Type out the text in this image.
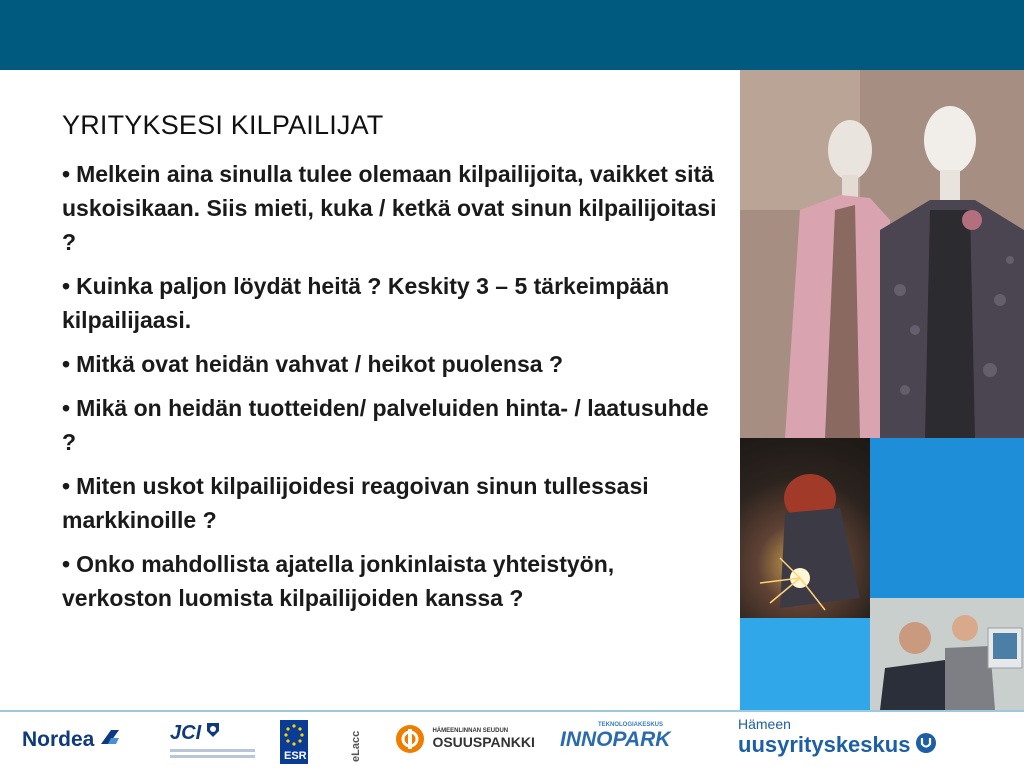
YRITYKSESI KILPAILIJAT
• Melkein aina sinulla tulee olemaan kilpailijoita, vaikket sitä uskoisikaan. Siis mieti, kuka / ketkä ovat sinun kilpailijoitasi ?
• Kuinka paljon löydät heitä ? Keskity 3 – 5 tärkeimpään kilpailijaasi.
• Mitkä ovat heidän vahvat / heikot puolensa ?
• Mikä on heidän tuotteiden/ palveluiden hinta- / laatusuhde ?
• Miten uskot kilpailijoidesi reagoivan sinun tullessasi markkinoille ?
• Onko mahdollista ajatella jonkinlaista yhteistyön, verkoston luomista kilpailijoiden kanssa ?
Nordea	JCI
ESR	eLacc
	HÄMEENLINNAN SEUDUN
OSUUSPANKKI
TEKNOLOGIAKESKUS
INNOPARK
Hämeen
uusyrityskeskus
